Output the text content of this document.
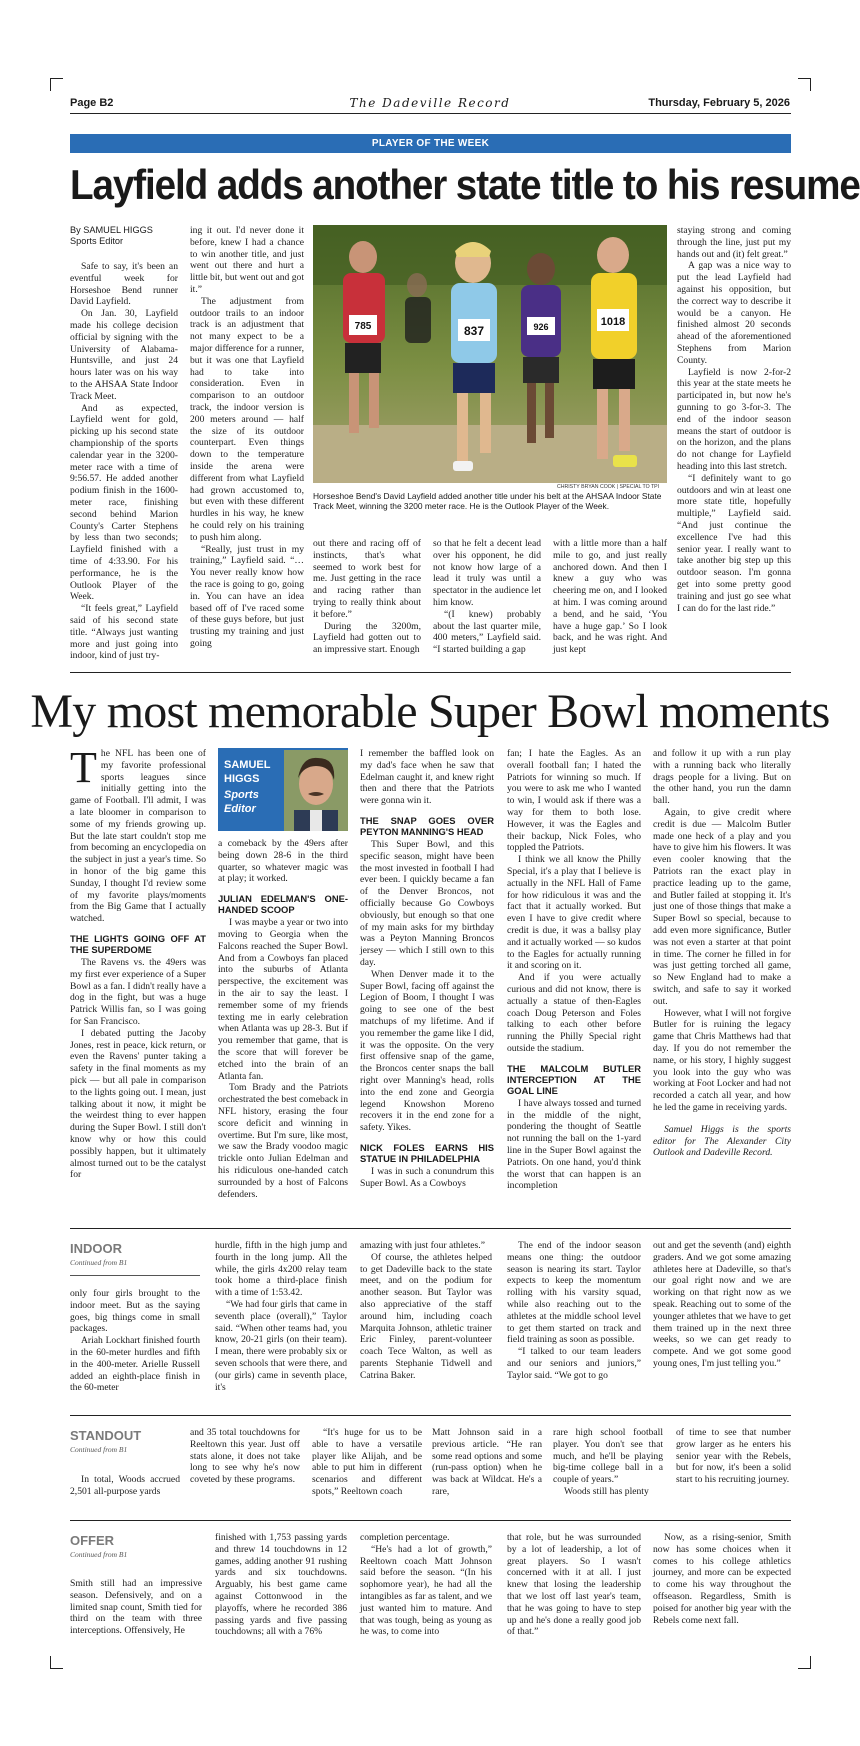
Page B2	The Dadeville Record	Thursday, February 5, 2026
PLAYER OF THE WEEK
Layfield adds another state title to his resume
By SAMUEL HIGGS
Sports Editor

Safe to say, it's been an eventful week for Horseshoe Bend runner David Layfield.

On Jan. 30, Layfield made his college decision official by signing with the University of Alabama-Huntsville, and just 24 hours later was on his way to the AHSAA State Indoor Track Meet.

And as expected, Layfield went for gold, picking up his second state championship of the sports calendar year in the 3200-meter race with a time of 9:56.57. He added another podium finish in the 1600-meter race, finishing second behind Marion County's Carter Stephens by less than two seconds; Layfield finished with a time of 4:33.90. For his performance, he is the Outlook Player of the Week.

“It feels great,” Layfield said of his second state title. “Always just wanting more and just going into indoor, kind of just try-

ing it out. I'd never done it before, knew I had a chance to win another title, and just went out there and hurt a little bit, but went out and got it.”

The adjustment from outdoor trails to an indoor track is an adjustment that not many expect to be a major difference for a runner, but it was one that Layfield had to take into consideration. Even in comparison to an outdoor track, the indoor version is 200 meters around — half the size of its outdoor counterpart. Even things down to the temperature inside the arena were different from what Layfield had grown accustomed to, but even with these different hurdles in his way, he knew he could rely on his training to push him along.

“Really, just trust in my training,” Layfield said. “…You never really know how the race is going to go, going in. You can have an idea based off of I've raced some of these guys before, but just trusting my training and just going

785	837	926	1018
CHRISTY BRYAN COOK | SPECIAL TO TPI
Horseshoe Bend's David Layfield added another title under his belt at the AHSAA Indoor State Track Meet, winning the 3200 meter race. He is the Outlook Player of the Week.

out there and racing off of instincts, that's what seemed to work best for me. Just getting in the race and racing rather than trying to really think about it before.”

During the 3200m, Layfield had gotten out to an impressive start. Enough

so that he felt a decent lead over his opponent, he did not know how large of a lead it truly was until a spectator in the audience let him know.

“(I knew) probably about the last quarter mile, 400 meters,” Layfield said. “I started building a gap

with a little more than a half mile to go, and just really anchored down. And then I knew a guy who was cheering me on, and I looked at him. I was coming around a bend, and he said, ‘You have a huge gap.’ So I look back, and he was right. And just kept

staying strong and coming through the line, just put my hands out and (it) felt great.”

A gap was a nice way to put the lead Layfield had against his opposition, but the correct way to describe it would be a canyon. He finished almost 20 seconds ahead of the aforementioned Stephens from Marion County.

Layfield is now 2-for-2 this year at the state meets he participated in, but now he's gunning to go 3-for-3. The end of the indoor season means the start of outdoor is on the horizon, and the plans do not change for Layfield heading into this last stretch.

“I definitely want to go outdoors and win at least one more state title, hopefully multiple,” Layfield said. “And just continue the excellence I've had this senior year. I really want to take another big step up this outdoor season. I'm gonna get into some pretty good training and just go see what I can do for the last ride.”

My most memorable Super Bowl moments

The NFL has been one of my favorite professional sports leagues since initially getting into the game of Football. I'll admit, I was a late bloomer in comparison to some of my friends growing up. But the late start couldn't stop me from becoming an encyclopedia on the subject in just a year's time. So in honor of the big game this Sunday, I thought I'd review some of my favorite plays/moments from the Big Game that I actually watched.

THE LIGHTS GOING OFF AT THE SUPERDOME

The Ravens vs. the 49ers was my first ever experience of a Super Bowl as a fan. I didn't really have a dog in the fight, but was a huge Patrick Willis fan, so I was going for San Francisco.

I debated putting the Jacoby Jones, rest in peace, kick return, or even the Ravens' punter taking a safety in the final moments as my pick — but all pale in comparison to the lights going out. I mean, just talking about it now, it might be the weirdest thing to ever happen during the Super Bowl. I still don't know why or how this could possibly happen, but it ultimately almost turned out to be the catalyst for

SAMUEL HIGGS
Sports Editor

a comeback by the 49ers after being down 28-6 in the third quarter, so whatever magic was at play; it worked.

JULIAN EDELMAN'S ONE-HANDED SCOOP

I was maybe a year or two into moving to Georgia when the Falcons reached the Super Bowl. And from a Cowboys fan placed into the suburbs of Atlanta perspective, the excitement was in the air to say the least. I remember some of my friends texting me in early celebration when Atlanta was up 28-3. But if you remember that game, that is the score that will forever be etched into the brain of an Atlanta fan.

Tom Brady and the Patriots orchestrated the best comeback in NFL history, erasing the four score deficit and winning in overtime. But I'm sure, like most, we saw the Brady voodoo magic trickle onto Julian Edelman and his ridiculous one-handed catch surrounded by a host of Falcons defenders.

I remember the baffled look on my dad's face when he saw that Edelman caught it, and knew right then and there that the Patriots were gonna win it.

THE SNAP GOES OVER PEYTON MANNING'S HEAD

This Super Bowl, and this specific season, might have been the most invested in football I had ever been. I quickly became a fan of the Denver Broncos, not officially because Go Cowboys obviously, but enough so that one of my main asks for my birthday was a Peyton Manning Broncos jersey — which I still own to this day.

When Denver made it to the Super Bowl, facing off against the Legion of Boom, I thought I was going to see one of the best matchups of my lifetime. And if you remember the game like I did, it was the opposite. On the very first offensive snap of the game, the Broncos center snaps the ball right over Manning's head, rolls into the end zone and Georgia legend Knowshon Moreno recovers it in the end zone for a safety. Yikes.

NICK FOLES EARNS HIS STATUE IN PHILADELPHIA

I was in such a conundrum this Super Bowl. As a Cowboys

fan; I hate the Eagles. As an overall football fan; I hated the Patriots for winning so much. If you were to ask me who I wanted to win, I would ask if there was a way for them to both lose. However, it was the Eagles and their backup, Nick Foles, who toppled the Patriots.

I think we all know the Philly Special, it's a play that I believe is actually in the NFL Hall of Fame for how ridiculous it was and the fact that it actually worked. But even I have to give credit where credit is due, it was a ballsy play and it actually worked — so kudos to the Eagles for actually running it and scoring on it.

And if you were actually curious and did not know, there is actually a statue of then-Eagles coach Doug Peterson and Foles talking to each other before running the Philly Special right outside the stadium.

THE MALCOLM BUTLER INTERCEPTION AT THE GOAL LINE

I have always tossed and turned in the middle of the night, pondering the thought of Seattle not running the ball on the 1-yard line in the Super Bowl against the Patriots. On one hand, you'd think the worst that can happen is an incompletion

and follow it up with a run play with a running back who literally drags people for a living. But on the other hand, you run the damn ball.

Again, to give credit where credit is due — Malcolm Butler made one heck of a play and you have to give him his flowers. It was even cooler knowing that the Patriots ran the exact play in practice leading up to the game, and Butler failed at stopping it. It's just one of those things that make a Super Bowl so special, because to add even more significance, Butler was not even a starter at that point in time. The corner he filled in for was just getting torched all game, so New England had to make a switch, and safe to say it worked out.

However, what I will not forgive Butler for is ruining the legacy game that Chris Matthews had that day. If you do not remember the name, or his story, I highly suggest you look into the guy who was working at Foot Locker and had not recorded a catch all year, and how he led the game in receiving yards.

Samuel Higgs is the sports editor for The Alexander City Outlook and Dadeville Record.

INDOOR
Continued from B1

only four girls brought to the indoor meet. But as the saying goes, big things come in small packages.

Ariah Lockhart finished fourth in the 60-meter hurdles and fifth in the 400-meter. Arielle Russell added an eighth-place finish in the 60-meter

hurdle, fifth in the high jump and fourth in the long jump. All the while, the girls 4x200 relay team took home a third-place finish with a time of 1:53.42.

“We had four girls that came in seventh place (overall),” Taylor said. “When other teams had, you know, 20-21 girls (on their team). I mean, there were probably six or seven schools that were there, and (our girls) came in seventh place, it's

amazing with just four athletes.”

Of course, the athletes helped to get Dadeville back to the state meet, and on the podium for another season. But Taylor was also appreciative of the staff around him, including coach Marquita Johnson, athletic trainer Eric Finley, parent-volunteer coach Tece Walton, as well as parents Stephanie Tidwell and Catrina Baker.

The end of the indoor season means one thing: the outdoor season is nearing its start. Taylor expects to keep the momentum rolling with his varsity squad, while also reaching out to the athletes at the middle school level to get them started on track and field training as soon as possible.

“I talked to our team leaders and our seniors and juniors,” Taylor said. “We got to go

out and get the seventh (and) eighth graders. And we got some amazing athletes here at Dadeville, so that's our goal right now and we are working on that right now as we speak. Reaching out to some of the younger athletes that we have to get them trained up in the next three weeks, so we can get ready to compete. And we got some good young ones, I'm just telling you.”

STANDOUT
Continued from B1

In total, Woods accrued 2,501 all-purpose yards

and 35 total touchdowns for Reeltown this year. Just off stats alone, it does not take long to see why he's now coveted by these programs.

“It's huge for us to be able to have a versatile player like Alijah, and be able to put him in different scenarios and different spots,” Reeltown coach

Matt Johnson said in a previous article. “He ran some read options and some (run-pass option) when he was back at Wildcat. He's a rare,

rare high school football player. You don't see that much, and he'll be playing big-time college ball in a couple of years.”

Woods still has plenty

of time to see that number grow larger as he enters his senior year with the Rebels, but for now, it's been a solid start to his recruiting journey.

OFFER
Continued from B1

Smith still had an impressive season. Defensively, and on a limited snap count, Smith tied for third on the team with three interceptions. Offensively, He

finished with 1,753 passing yards and threw 14 touchdowns in 12 games, adding another 91 rushing yards and six touchdowns. Arguably, his best game came against Cottonwood in the playoffs, where he recorded 386 passing yards and five passing touchdowns; all with a 76%

completion percentage.

“He's had a lot of growth,” Reeltown coach Matt Johnson said before the season. “(In his sophomore year), he had all the intangibles as far as talent, and we just wanted him to mature. And that was tough, being as young as he was, to come into

that role, but he was surrounded by a lot of leadership, a lot of great players. So I wasn't concerned with it at all. I just knew that losing the leadership that we lost off last year's team, that he was going to have to step up and he's done a really good job of that.”

Now, as a rising-senior, Smith now has some choices when it comes to his college athletics journey, and more can be expected to come his way throughout the offseason. Regardless, Smith is poised for another big year with the Rebels come next fall.
